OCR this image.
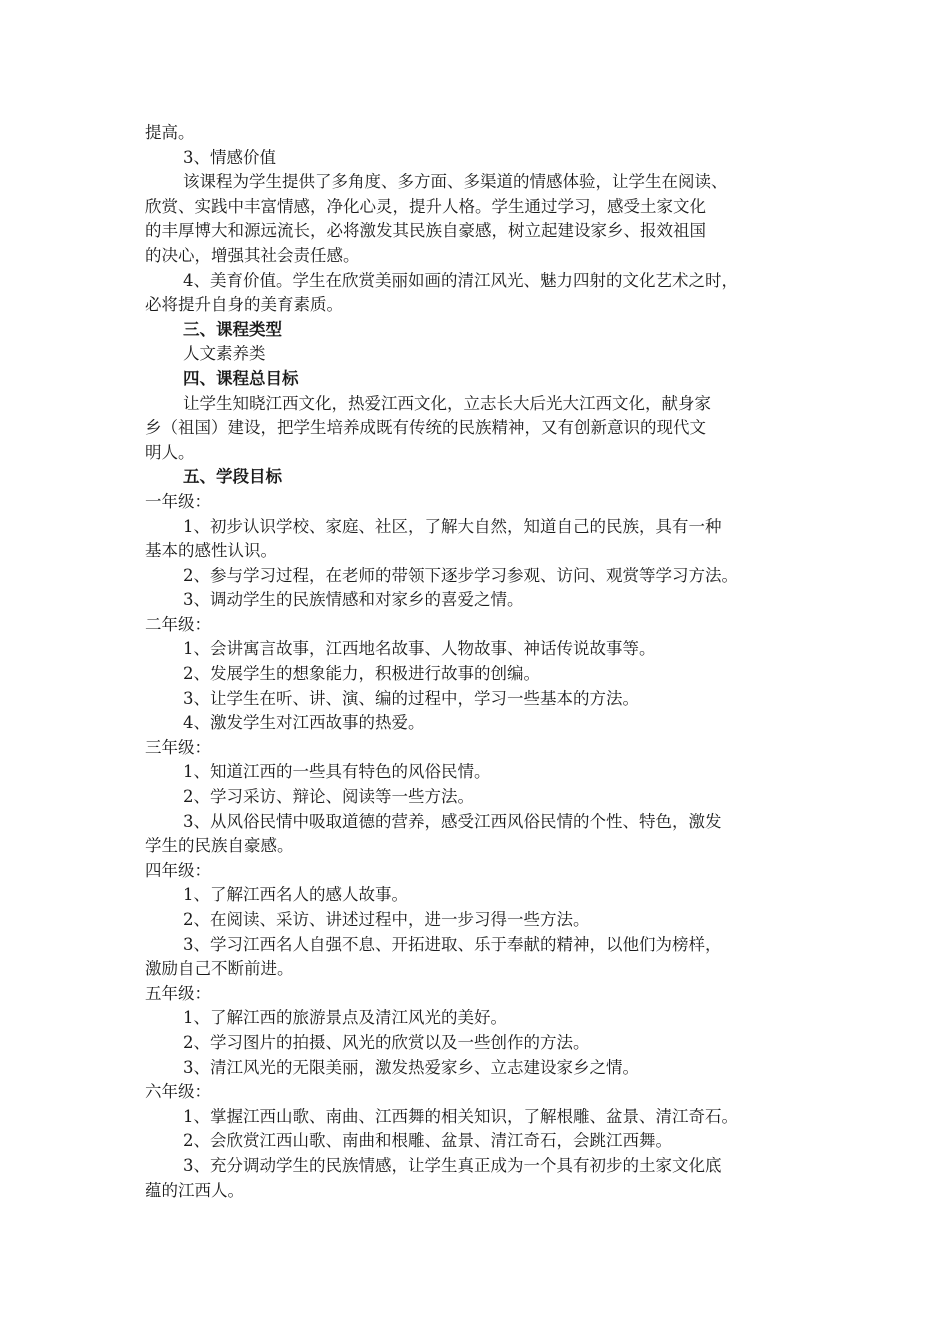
提高。
3、情感价值
该课程为学生提供了多角度、多方面、多渠道的情感体验，让学生在阅读、
欣赏、实践中丰富情感，净化心灵，提升人格。学生通过学习，感受土家文化
的丰厚博大和源远流长，必将激发其民族自豪感，树立起建设家乡、报效祖国
的决心，增强其社会责任感。
4、美育价值。学生在欣赏美丽如画的清江风光、魅力四射的文化艺术之时，
必将提升自身的美育素质。
三、课程类型
人文素养类
四、课程总目标
让学生知晓江西文化，热爱江西文化，立志长大后光大江西文化，献身家
乡（祖国）建设，把学生培养成既有传统的民族精神，又有创新意识的现代文
明人。
五、学段目标
一年级：
1、初步认识学校、家庭、社区，了解大自然，知道自己的民族，具有一种
基本的感性认识。
2、参与学习过程，在老师的带领下逐步学习参观、访问、观赏等学习方法。
3、调动学生的民族情感和对家乡的喜爱之情。
二年级：
1、会讲寓言故事，江西地名故事、人物故事、神话传说故事等。
2、发展学生的想象能力，积极进行故事的创编。
3、让学生在听、讲、演、编的过程中，学习一些基本的方法。
4、激发学生对江西故事的热爱。
三年级：
1、知道江西的一些具有特色的风俗民情。
2、学习采访、辩论、阅读等一些方法。
3、从风俗民情中吸取道德的营养，感受江西风俗民情的个性、特色，激发
学生的民族自豪感。
四年级：
1、了解江西名人的感人故事。
2、在阅读、采访、讲述过程中，进一步习得一些方法。
3、学习江西名人自强不息、开拓进取、乐于奉献的精神，以他们为榜样，
激励自己不断前进。
五年级：
1、了解江西的旅游景点及清江风光的美好。
2、学习图片的拍摄、风光的欣赏以及一些创作的方法。
3、清江风光的无限美丽，激发热爱家乡、立志建设家乡之情。
六年级：
1、掌握江西山歌、南曲、江西舞的相关知识，了解根雕、盆景、清江奇石。
2、会欣赏江西山歌、南曲和根雕、盆景、清江奇石，会跳江西舞。
3、充分调动学生的民族情感，让学生真正成为一个具有初步的土家文化底
蕴的江西人。
